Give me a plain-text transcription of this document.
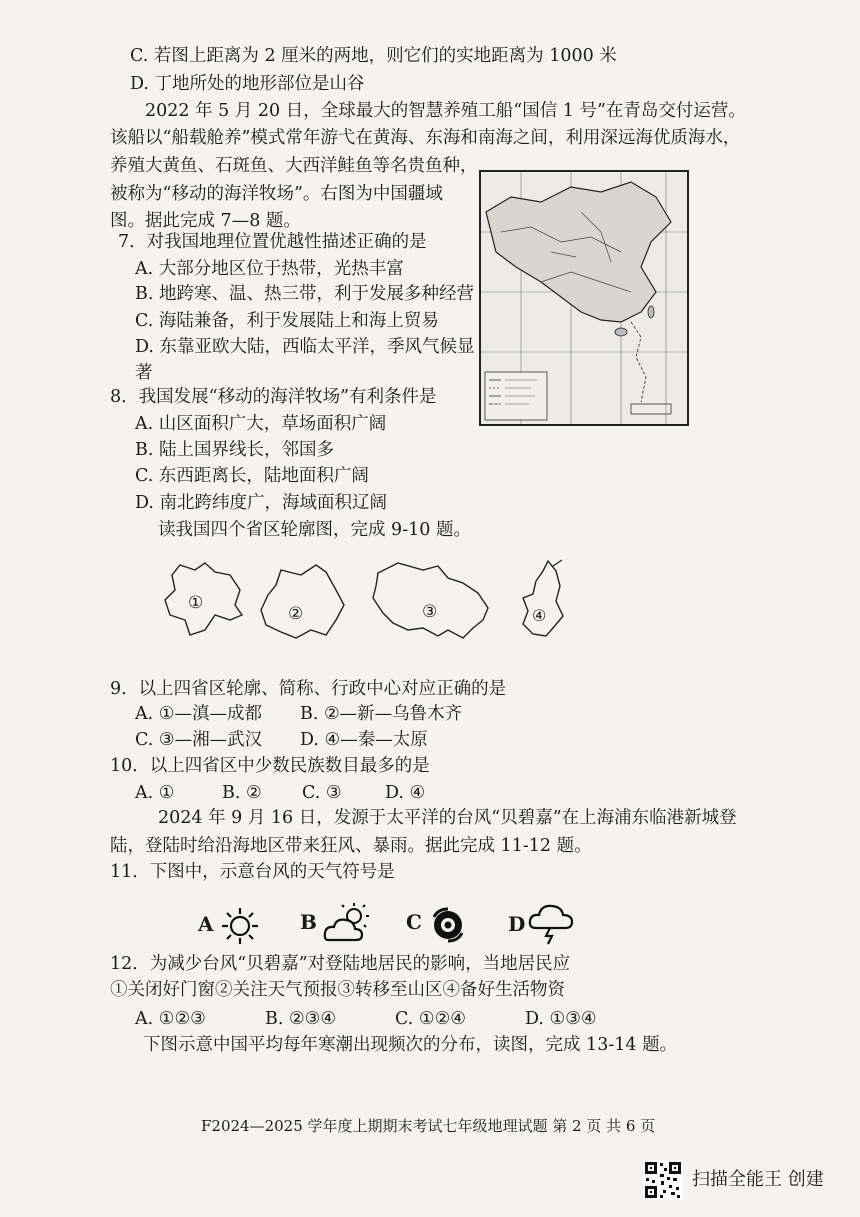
C. 若图上距离为 2 厘米的两地，则它们的实地距离为 1000 米
D. 丁地所处的地形部位是山谷
2022 年 5 月 20 日，全球最大的智慧养殖工船“国信 1 号”在青岛交付运营。
该船以“船载舱养”模式常年游弋在黄海、东海和南海之间，利用深远海优质海水，
养殖大黄鱼、石斑鱼、大西洋鲑鱼等名贵鱼种，
被称为“移动的海洋牧场”。右图为中国疆域
图。据此完成 7—8 题。
7．对我国地理位置优越性描述正确的是
A. 大部分地区位于热带，光热丰富
B. 地跨寒、温、热三带，利于发展多种经营
C. 海陆兼备，利于发展陆上和海上贸易
D. 东靠亚欧大陆，西临太平洋，季风气候显
著
8．我国发展“移动的海洋牧场”有利条件是
A. 山区面积广大，草场面积广阔
B. 陆上国界线长，邻国多
C. 东西距离长，陆地面积广阔
D. 南北跨纬度广，海域面积辽阔
读我国四个省区轮廓图，完成 9-10 题。
①
②	③	④
9．以上四省区轮廓、简称、行政中心对应正确的是
A. ①—滇—成都 B. ②—新—乌鲁木齐
C. ③—湘—武汉 D. ④—秦—太原
10．以上四省区中少数民族数目最多的是
A. ①	B. ② C. ③ D. ④
2024 年 9 月 16 日，发源于太平洋的台风“贝碧嘉”在上海浦东临港新城登
陆，登陆时给沿海地区带来狂风、暴雨。据此完成 11-12 题。
11．下图中，示意台风的天气符号是
A	B	C	D
12．为减少台风“贝碧嘉”对登陆地居民的影响，当地居民应
①关闭好门窗②关注天气预报③转移至山区④备好生活物资
A. ①②③	B. ②③④	C. ①②④	D. ①③④
下图示意中国平均每年寒潮出现频次的分布，读图，完成 13-14 题。
F2024—2025 学年度上期期末考试七年级地理试题 第 2 页 共 6 页
扫描全能王 创建
